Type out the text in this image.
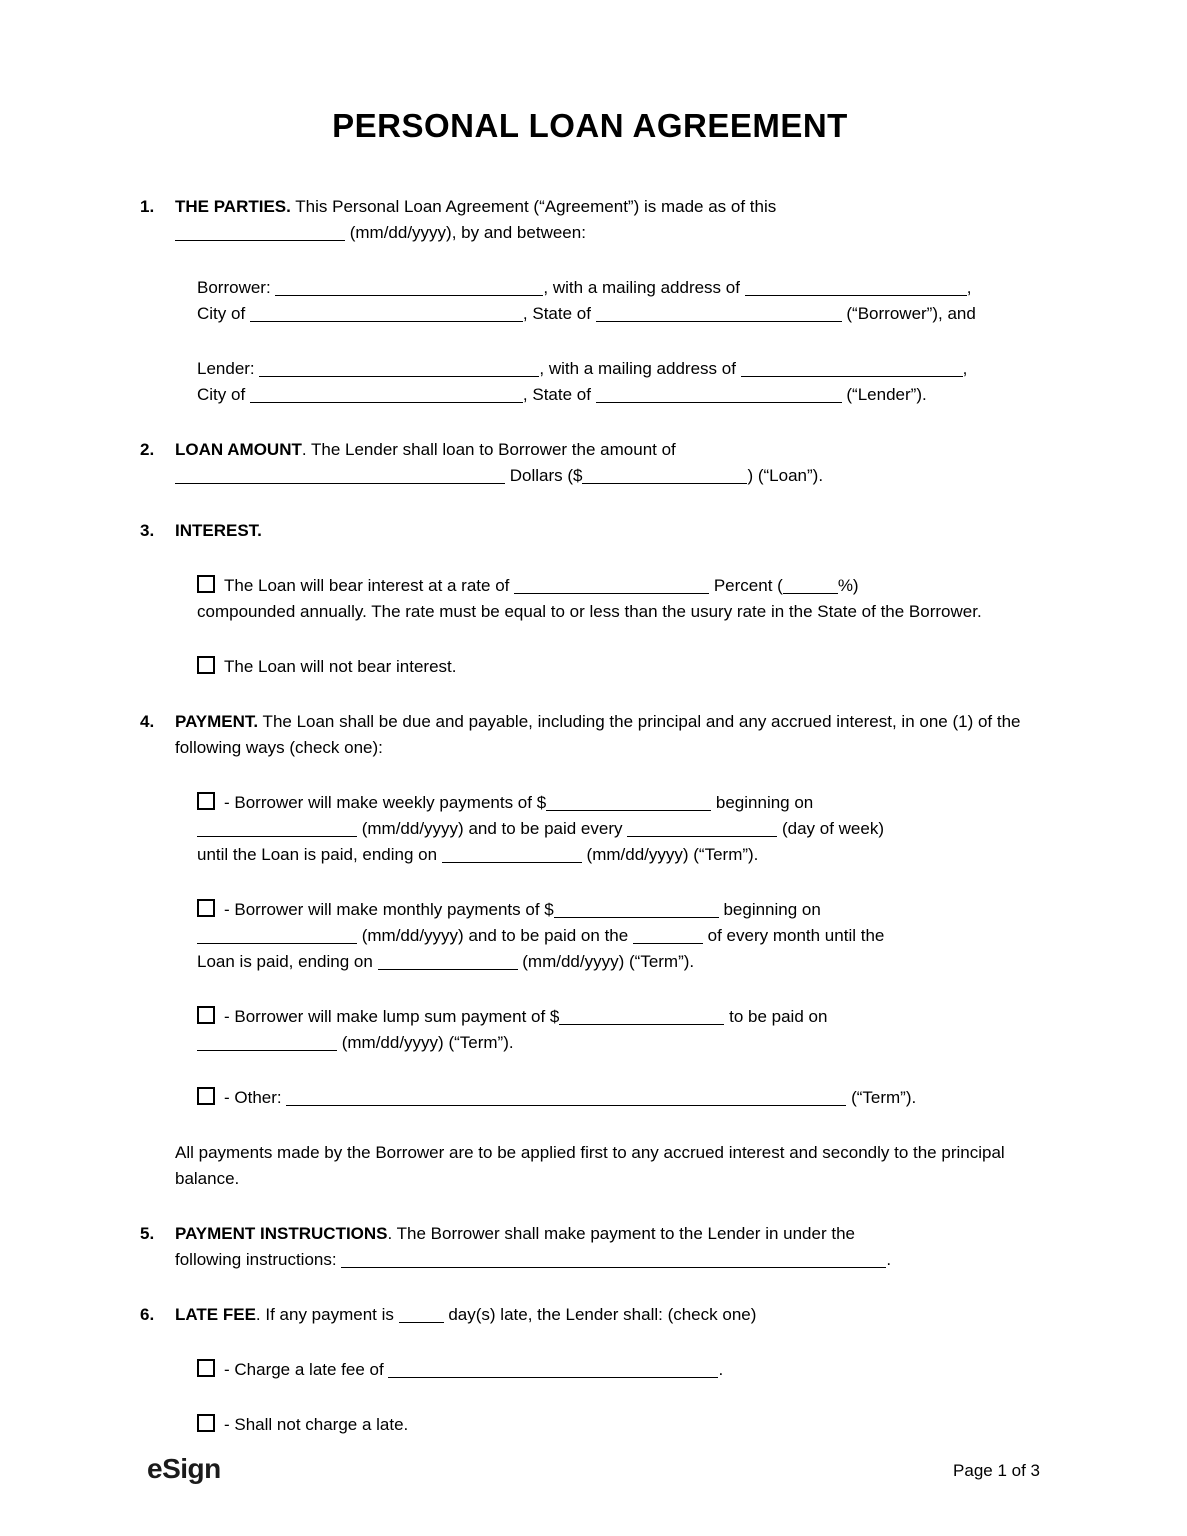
PERSONAL LOAN AGREEMENT
1.	THE PARTIES. This Personal Loan Agreement (“Agreement”) is made as of this
(mm/dd/yyyy), by and between:
Borrower:	, with a mailing address of	,
City of	, State of	(“Borrower”), and
Lender:	, with a mailing address of	,
City of	, State of	(“Lender”).
2.	LOAN AMOUNT. The Lender shall loan to Borrower the amount of
Dollars ($	) (“Loan”).
3.	INTEREST.
The Loan will bear interest at a rate of	Percent (	%)
compounded annually. The rate must be equal to or less than the usury rate in the State of the Borrower.
The Loan will not bear interest.
4.	PAYMENT. The Loan shall be due and payable, including the principal and any accrued interest, in one (1) of the following ways (check one):
- Borrower will make weekly payments of $	beginning on
(mm/dd/yyyy) and to be paid every	(day of week)
until the Loan is paid, ending on	(mm/dd/yyyy) (“Term”).
- Borrower will make monthly payments of $	beginning on
(mm/dd/yyyy) and to be paid on the	of every month until the
Loan is paid, ending on	(mm/dd/yyyy) (“Term”).
- Borrower will make lump sum payment of $	to be paid on
(mm/dd/yyyy) (“Term”).
- Other:	(“Term”).
All payments made by the Borrower are to be applied first to any accrued interest and secondly to the principal balance.
5.	PAYMENT INSTRUCTIONS. The Borrower shall make payment to the Lender in under the
following instructions:	.
6.	LATE FEE. If any payment is	day(s) late, the Lender shall: (check one)
- Charge a late fee of	.
- Shall not charge a late.
eSign	Page 1 of 3
